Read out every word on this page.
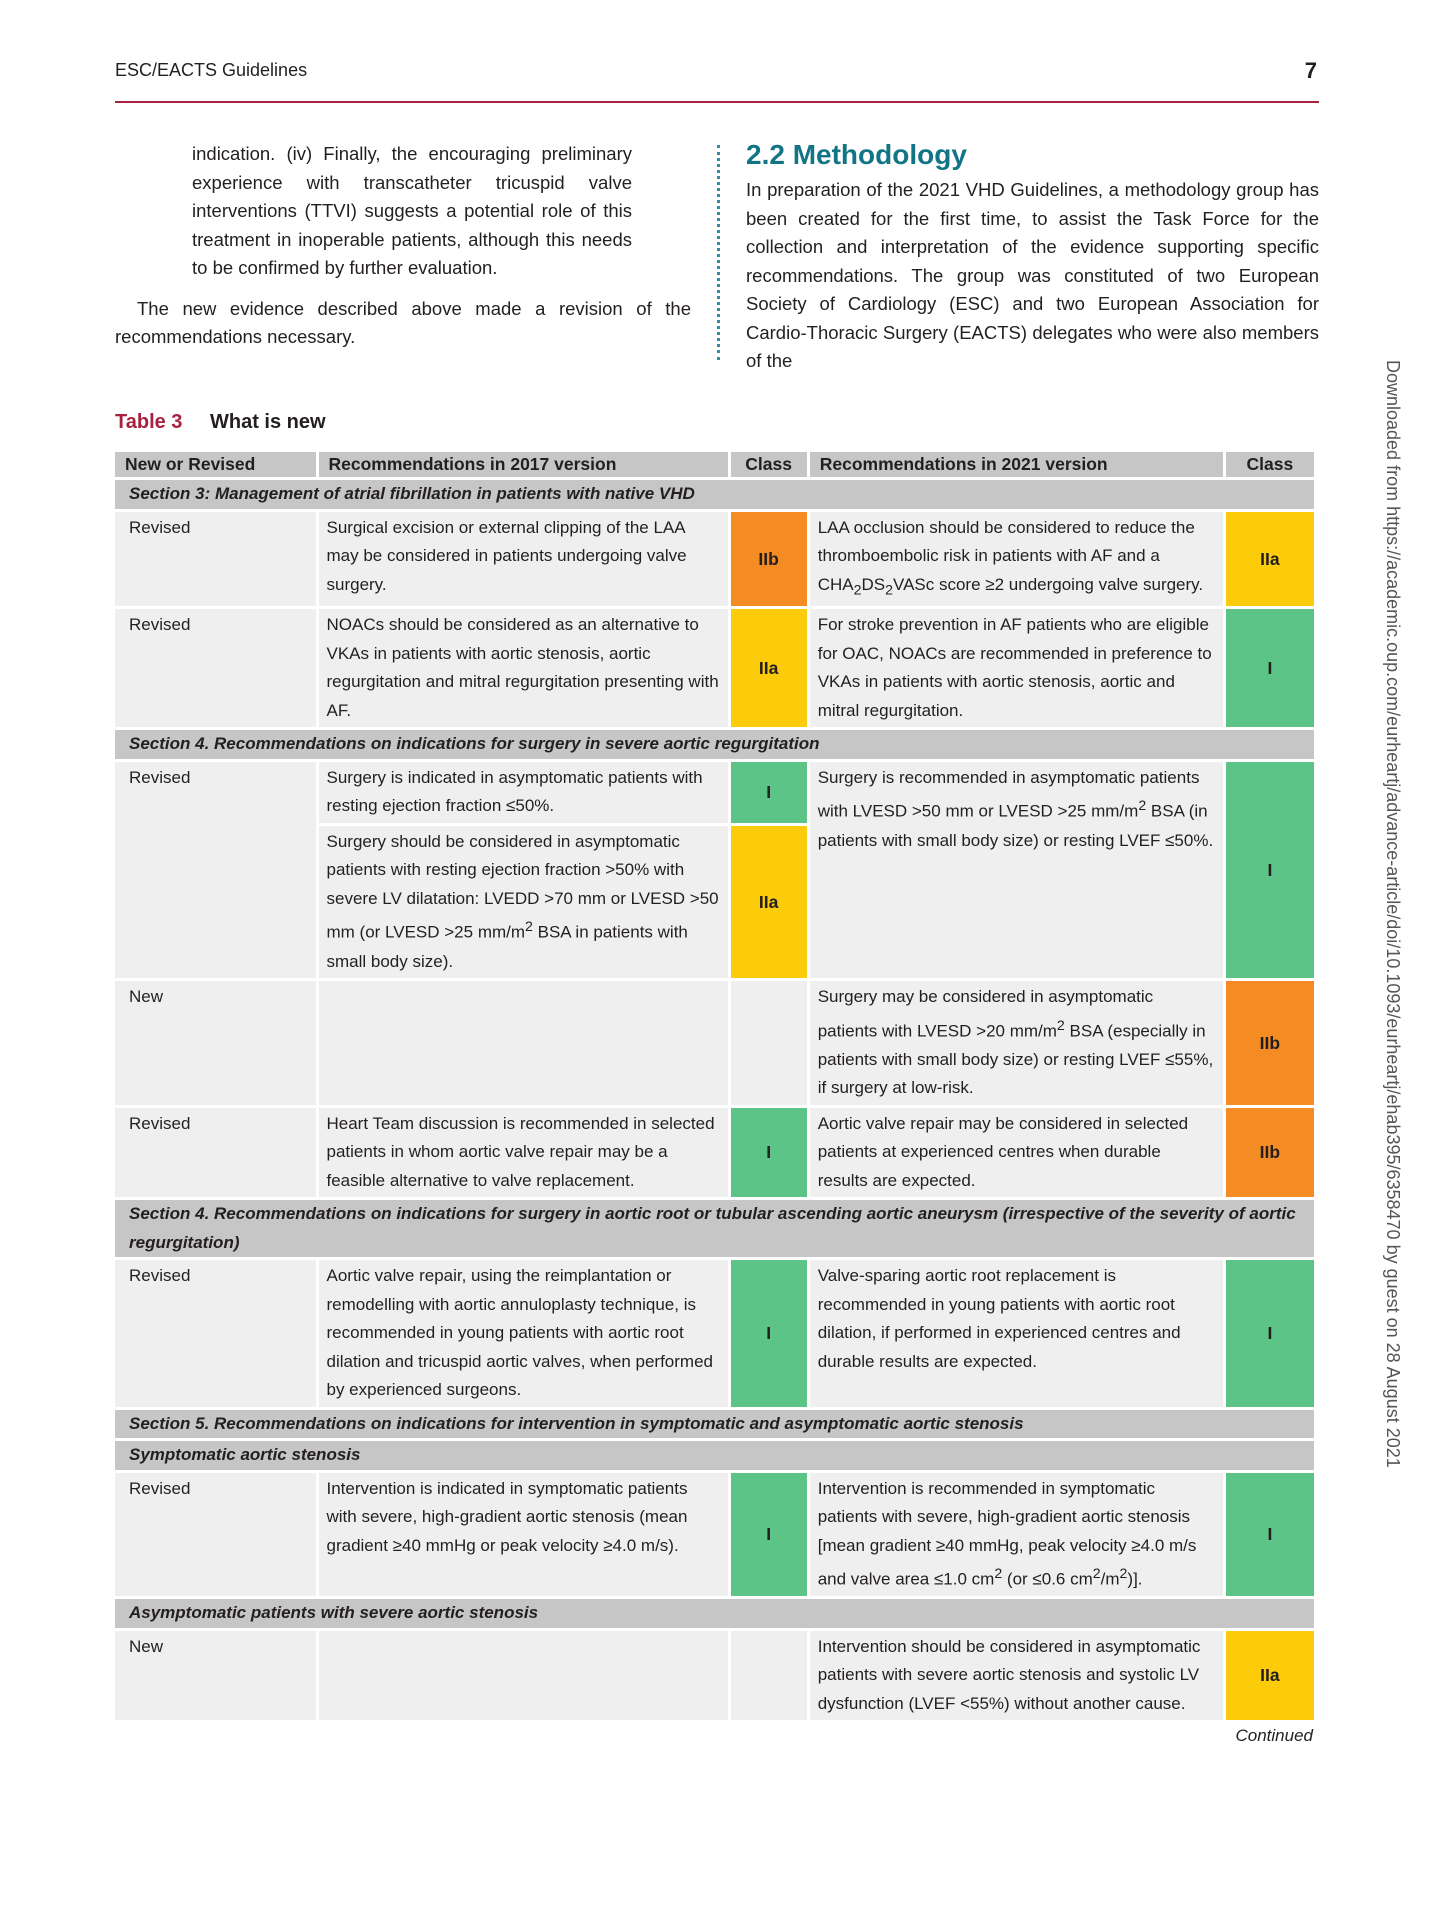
ESC/EACTS Guidelines	7
indication. (iv) Finally, the encouraging preliminary experience with transcatheter tricuspid valve interventions (TTVI) suggests a potential role of this treatment in inoperable patients, although this needs to be confirmed by further evaluation.
The new evidence described above made a revision of the recommendations necessary.
2.2 Methodology
In preparation of the 2021 VHD Guidelines, a methodology group has been created for the first time, to assist the Task Force for the collection and interpretation of the evidence supporting specific recommendations. The group was constituted of two European Society of Cardiology (ESC) and two European Association for Cardio-Thoracic Surgery (EACTS) delegates who were also members of the	Downloaded from https://academic.oup.com/eurheartj/advance-article/doi/10.1093/eurheartj/ehab395/6358470 by guest on 28 August 2021
Table 3 What is new
New or Revised	Recommendations in 2017 version	Class	Recommendations in 2021 version	Class
Section 3: Management of atrial fibrillation in patients with native VHD				
Revised	Surgical excision or external clipping of the LAA may be considered in patients undergoing valve surgery.	IIb	LAA occlusion should be considered to reduce the thromboembolic risk in patients with AF and a $CHA_2DS_2VASc$ score ≥2 undergoing valve surgery.	IIa
Revised	NOACs should be considered as an alternative to VKAs in patients with aortic stenosis, aortic regurgitation and mitral regurgitation presenting with AF.	IIa	For stroke prevention in AF patients who are eligible for OAC, NOACs are recommended in preference to VKAs in patients with aortic stenosis, aortic and mitral regurgitation.	I
Section 4. Recommendations on indications for surgery in severe aortic regurgitation				
Revised	Surgery is indicated in asymptomatic patients with resting ejection fraction ≤50%.	I	Surgery is recommended in asymptomatic patients with LVESD >50 mm or LVESD >25 $mm/m^2$ BSA (in patients with small body size) or resting LVEF ≤50%.	I
	Surgery should be considered in asymptomatic patients with resting ejection fraction >50% with severe LV dilatation: LVEDD >70 mm or LVESD >50 mm (or LVESD >25 $mm/m^2$ BSA in patients with small body size).	IIa		
New			Surgery may be considered in asymptomatic patients with LVESD >20 $mm/m^2$ BSA (especially in patients with small body size) or resting LVEF ≤55%, if surgery at low-risk.	IIb
Revised	Heart Team discussion is recommended in selected patients in whom aortic valve repair may be a feasible alternative to valve replacement.	I	Aortic valve repair may be considered in selected patients at experienced centres when durable results are expected.	IIb
Section 4. Recommendations on indications for surgery in aortic root or tubular ascending aortic aneurysm (irrespective of the severity of aortic regurgitation)				
Revised	Aortic valve repair, using the reimplantation or remodelling with aortic annuloplasty technique, is recommended in young patients with aortic root dilation and tricuspid aortic valves, when performed by experienced surgeons.	I	Valve-sparing aortic root replacement is recommended in young patients with aortic root dilation, if performed in experienced centres and durable results are expected.	I
Section 5. Recommendations on indications for intervention in symptomatic and asymptomatic aortic stenosis				
Symptomatic aortic stenosis				
Revised	Intervention is indicated in symptomatic patients with severe, high-gradient aortic stenosis (mean gradient ≥40 mmHg or peak velocity ≥4.0 m/s).	I	Intervention is recommended in symptomatic patients with severe, high-gradient aortic stenosis [mean gradient ≥40 mmHg, peak velocity ≥4.0 m/s and valve area ≤1.0 $cm^2$ (or ≤0.6 $cm^2/m^2$)].	I
Asymptomatic patients with severe aortic stenosis				
New			Intervention should be considered in asymptomatic patients with severe aortic stenosis and systolic LV dysfunction (LVEF <55%) without another cause.	IIa
Continued
